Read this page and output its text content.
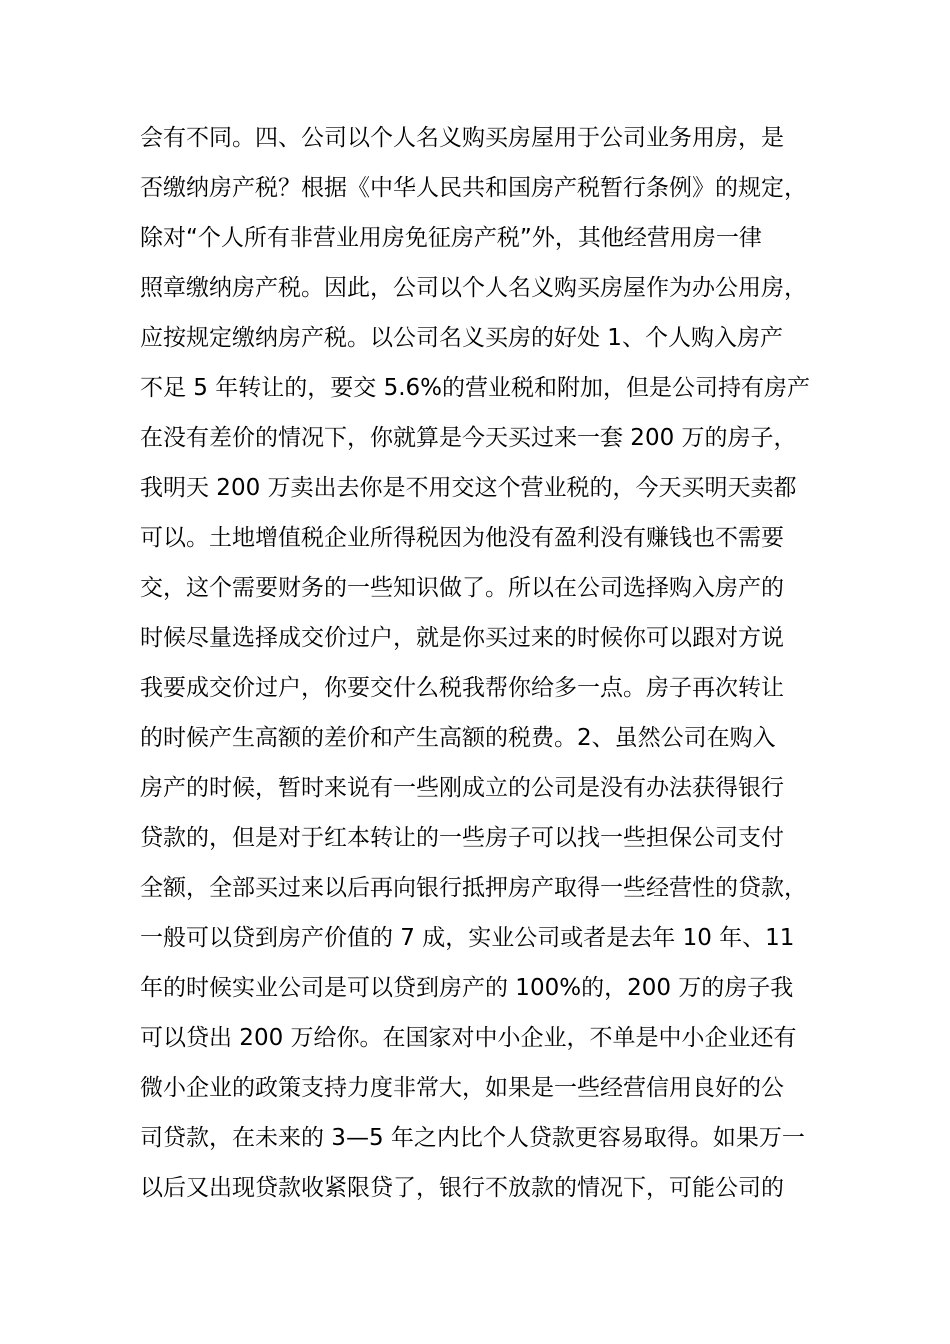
会有不同。四、公司以个人名义购买房屋用于公司业务用房，是
否缴纳房产税？根据《中华人民共和国房产税暂行条例》的规定，
除对“个人所有非营业用房免征房产税”外，其他经营用房一律
照章缴纳房产税。因此，公司以个人名义购买房屋作为办公用房，
应按规定缴纳房产税。以公司名义买房的好处 1、个人购入房产
不足 5 年转让的，要交 5.6%的营业税和附加，但是公司持有房产
在没有差价的情况下，你就算是今天买过来一套 200 万的房子，
我明天 200 万卖出去你是不用交这个营业税的，今天买明天卖都
可以。土地增值税企业所得税因为他没有盈利没有赚钱也不需要
交，这个需要财务的一些知识做了。所以在公司选择购入房产的
时候尽量选择成交价过户，就是你买过来的时候你可以跟对方说
我要成交价过户，你要交什么税我帮你给多一点。房子再次转让
的时候产生高额的差价和产生高额的税费。2、虽然公司在购入
房产的时候，暂时来说有一些刚成立的公司是没有办法获得银行
贷款的，但是对于红本转让的一些房子可以找一些担保公司支付
全额，全部买过来以后再向银行抵押房产取得一些经营性的贷款，
一般可以贷到房产价值的 7 成，实业公司或者是去年 10 年、11
年的时候实业公司是可以贷到房产的 100%的，200 万的房子我
可以贷出 200 万给你。在国家对中小企业，不单是中小企业还有
微小企业的政策支持力度非常大，如果是一些经营信用良好的公
司贷款，在未来的 3—5 年之内比个人贷款更容易取得。如果万一
以后又出现贷款收紧限贷了，银行不放款的情况下，可能公司的
